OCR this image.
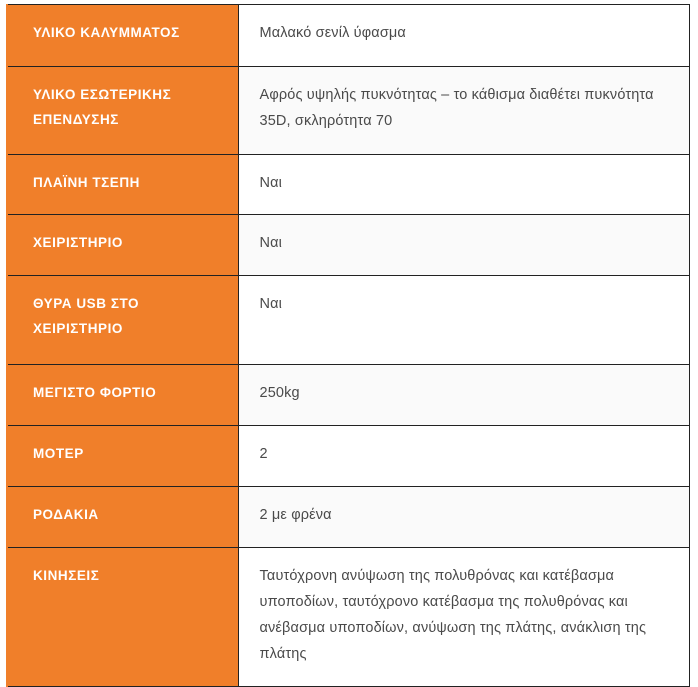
ΥΛΙΚΟ ΚΑΛΥΜΜΑΤΟΣ	Μαλακό σενίλ ύφασμα

ΥΛΙΚΟ ΕΣΩΤΕΡΙΚΗΣ ΕΠΕΝΔΥΣΗΣ	Αφρός υψηλής πυκνότητας – το κάθισμα διαθέτει πυκνότητα 35D, σκληρότητα 70

ΠΛΑΪΝΗ ΤΣΕΠΗ	Ναι

ΧΕΙΡΙΣΤΗΡΙΟ	Ναι

ΘΥΡΑ USB ΣΤΟ ΧΕΙΡΙΣΤΗΡΙΟ	Ναι

ΜΕΓΙΣΤΟ ΦΟΡΤΙΟ	250kg

ΜΟΤΕΡ	2

ΡΟΔΑΚΙΑ	2 με φρένα

ΚΙΝΗΣΕΙΣ	Ταυτόχρονη ανύψωση της πολυθρόνας και κατέβασμα υποποδίων, ταυτόχρονο κατέβασμα της πολυθρόνας και ανέβασμα υποποδίων, ανύψωση της πλάτης, ανάκλιση της πλάτης
